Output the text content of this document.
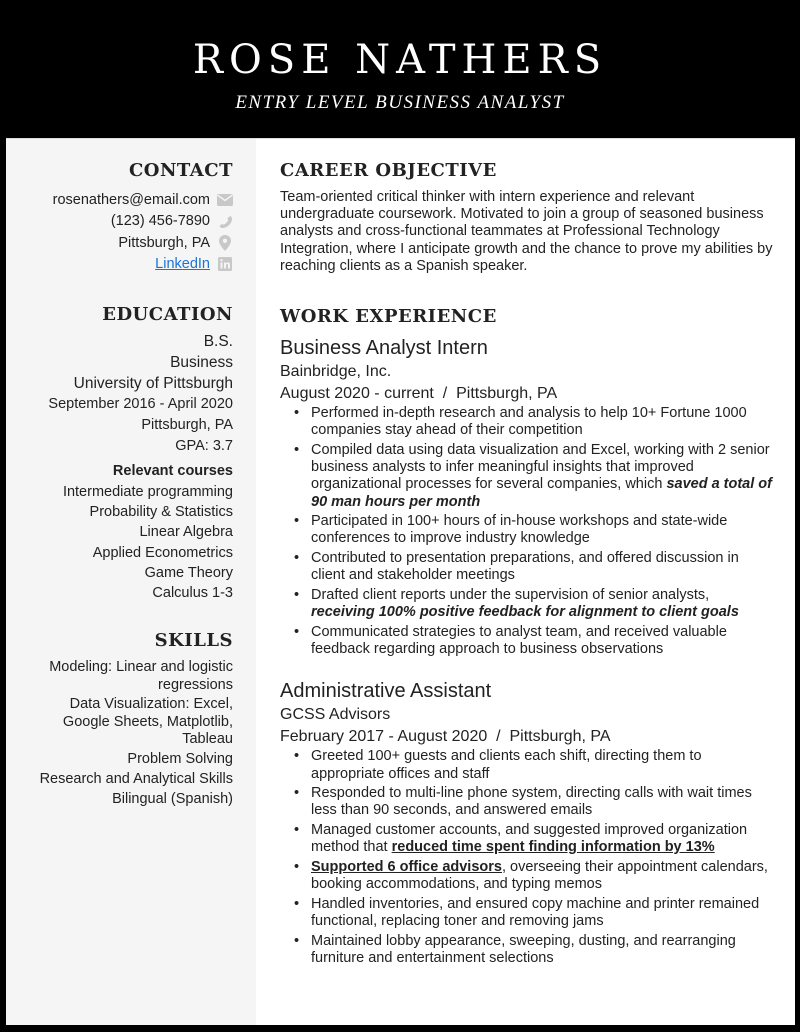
ROSE NATHERS
ENTRY LEVEL BUSINESS ANALYST
CONTACT
rosenathers@email.com
(123) 456-7890
Pittsburgh, PA
LinkedIn
EDUCATION
B.S.
Business
University of Pittsburgh
September 2016 - April 2020
Pittsburgh, PA
GPA: 3.7
Relevant courses
Intermediate programming
Probability & Statistics
Linear Algebra
Applied Econometrics
Game Theory
Calculus 1-3
SKILLS
Modeling: Linear and logistic regressions
Data Visualization: Excel, Google Sheets, Matplotlib, Tableau
Problem Solving
Research and Analytical Skills
Bilingual (Spanish)
CAREER OBJECTIVE

Team-oriented critical thinker with intern experience and relevant undergraduate coursework. Motivated to join a group of seasoned business analysts and cross-functional teammates at Professional Technology Integration, where I anticipate growth and the chance to prove my abilities by reaching clients as a Spanish speaker.

WORK EXPERIENCE
Business Analyst Intern
Bainbridge, Inc.
August 2020 - current  /  Pittsburgh, PA
• Performed in-depth research and analysis to help 10+ Fortune 1000 companies stay ahead of their competition
• Compiled data using data visualization and Excel, working with 2 senior business analysts to infer meaningful insights that improved organizational processes for several companies, which saved a total of 90 man hours per month
• Participated in 100+ hours of in-house workshops and state-wide conferences to improve industry knowledge
• Contributed to presentation preparations, and offered discussion in client and stakeholder meetings
• Drafted client reports under the supervision of senior analysts, receiving 100% positive feedback for alignment to client goals
• Communicated strategies to analyst team, and received valuable feedback regarding approach to business observations
Administrative Assistant
GCSS Advisors
February 2017 - August 2020  /  Pittsburgh, PA
• Greeted 100+ guests and clients each shift, directing them to appropriate offices and staff
• Responded to multi-line phone system, directing calls with wait times less than 90 seconds, and answered emails
• Managed customer accounts, and suggested improved organization method that reduced time spent finding information by 13%
• Supported 6 office advisors, overseeing their appointment calendars, booking accommodations, and typing memos
• Handled inventories, and ensured copy machine and printer remained functional, replacing toner and removing jams
• Maintained lobby appearance, sweeping, dusting, and rearranging furniture and entertainment selections
